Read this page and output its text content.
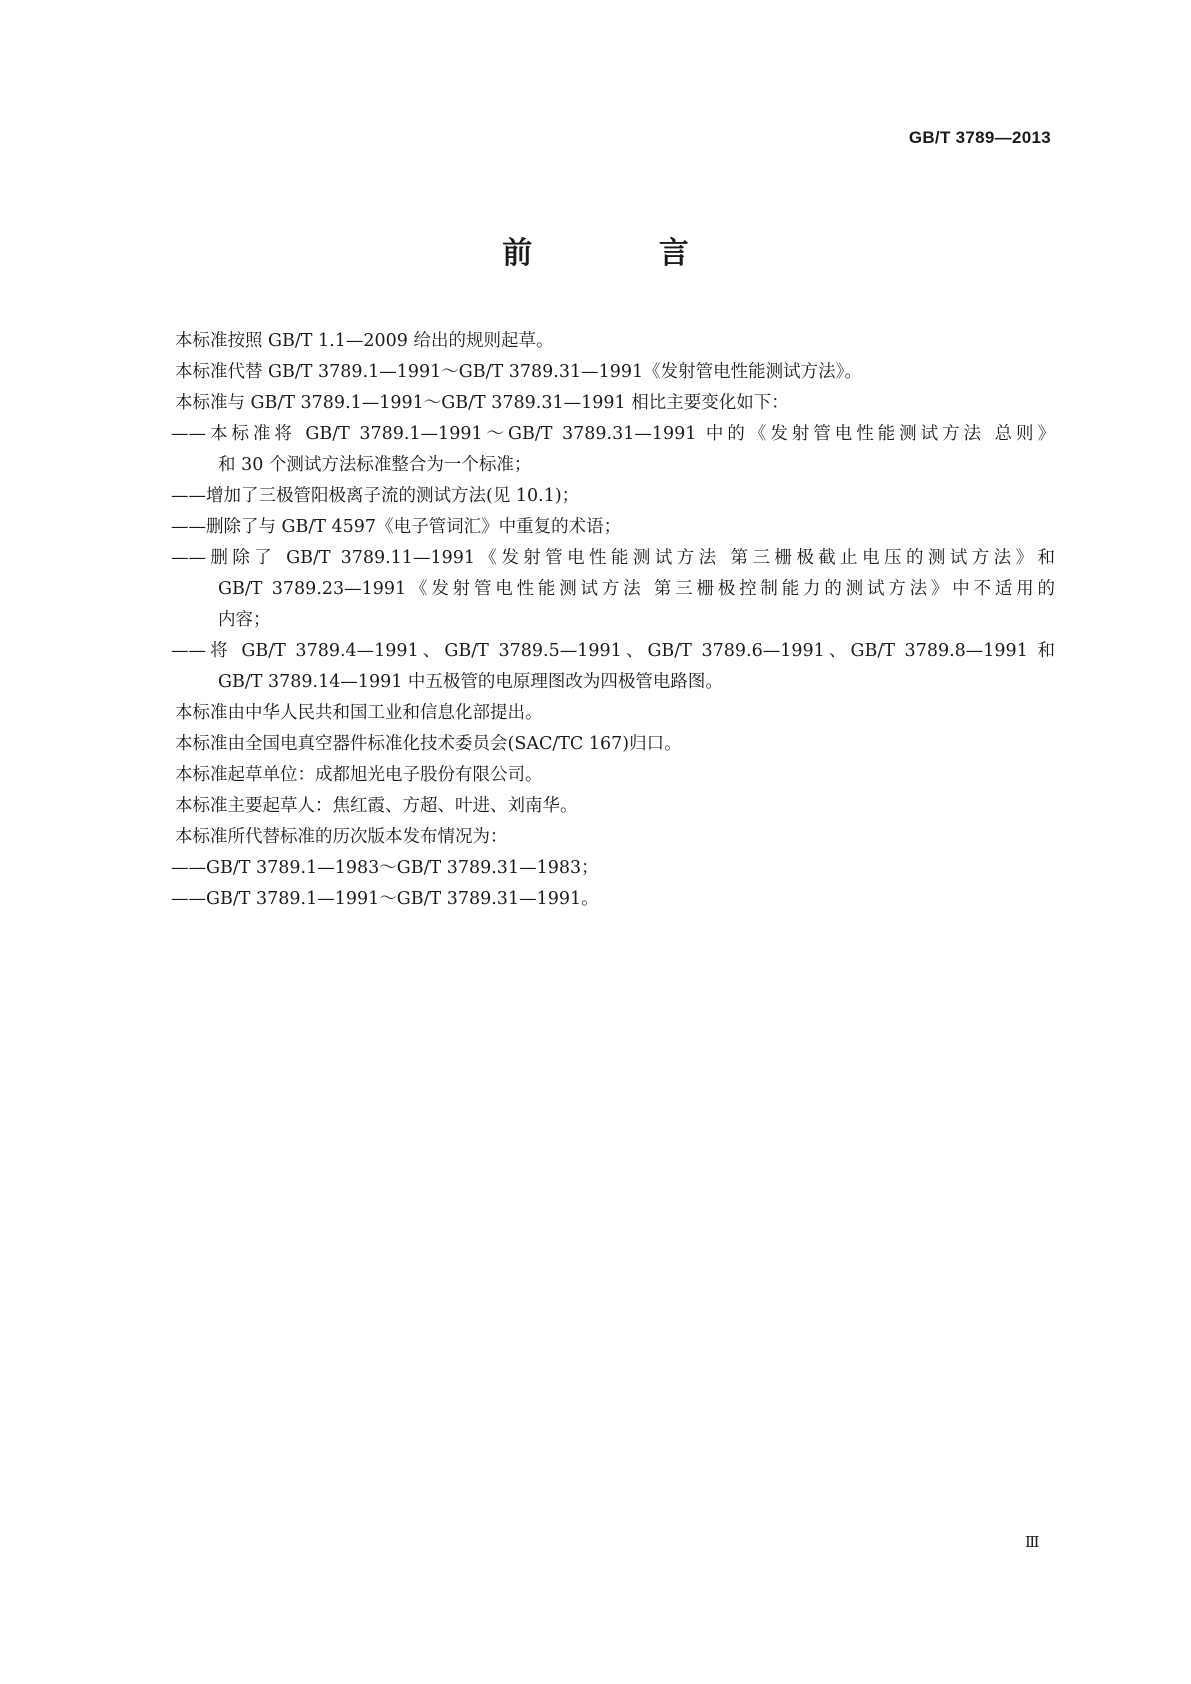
GB/T 3789—2013
前 言
本标准按照 GB/T 1.1—2009 给出的规则起草。
本标准代替 GB/T 3789.1—1991～GB/T 3789.31—1991《发射管电性能测试方法》。
本标准与 GB/T 3789.1—1991～GB/T 3789.31—1991 相比主要变化如下：
——本标准将 GB/T 3789.1—1991～GB/T 3789.31—1991 中的《发射管电性能测试方法 总则》
和 30 个测试方法标准整合为一个标准；
——增加了三极管阳极离子流的测试方法(见 10.1)；
——删除了与 GB/T 4597《电子管词汇》中重复的术语；
——删除了 GB/T 3789.11—1991《发射管电性能测试方法 第三栅极截止电压的测试方法》和
GB/T 3789.23—1991《发射管电性能测试方法 第三栅极控制能力的测试方法》中不适用的
内容；
——将 GB/T 3789.4—1991、GB/T 3789.5—1991、GB/T 3789.6—1991、GB/T 3789.8—1991 和
GB/T 3789.14—1991 中五极管的电原理图改为四极管电路图。
本标准由中华人民共和国工业和信息化部提出。
本标准由全国电真空器件标准化技术委员会(SAC/TC 167)归口。
本标准起草单位：成都旭光电子股份有限公司。
本标准主要起草人：焦红霞、方超、叶进、刘南华。
本标准所代替标准的历次版本发布情况为：
——GB/T 3789.1—1983～GB/T 3789.31—1983；
——GB/T 3789.1—1991～GB/T 3789.31—1991。
Ⅲ
